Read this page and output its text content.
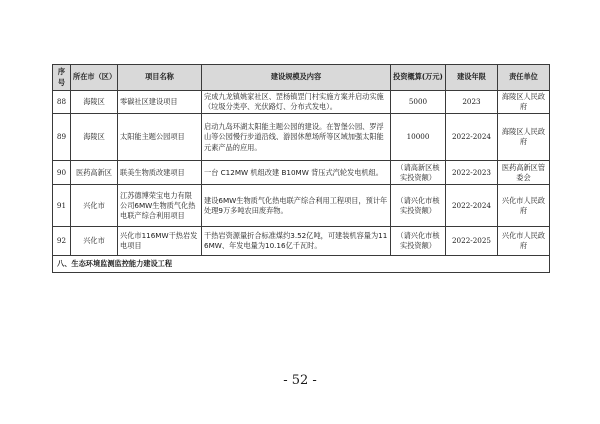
序号	所在市（区）	项目名称	建设规模及内容	投资概算(万元)	建设年限	责任单位
88	海陵区	零碳社区建设项目	完成九龙镇姚家社区、罡杨镇罡门村实施方案并启动实施（垃圾分类亭、光伏路灯、分布式发电）。	5000	2023	海陵区人民政府
89	海陵区	太阳能主题公园项目	启动九岛环湖太阳能主题公园的建设。在智堡公园、罗浮山等公园慢行步道沿线、游园休憩场所等区域加强太阳能元素产品的应用。	10000	2022-2024	海陵区人民政府
90	医药高新区	联美生物质改建项目	一台 C12MW 机组改建 B10MW 背压式汽轮发电机组。	（请高新区核实投资额）	2022-2023	医药高新区管委会
91	兴化市	江苏德博荣宝电力有限公司6MW生物质气化热电联产综合利用项目	建设6MW生物质气化热电联产综合利用工程项目，预计年处理9万多吨农田废弃物。	（请兴化市核实投资额）	2022-2024	兴化市人民政府
92	兴化市	兴化市116MW干热岩发电项目	干热岩资源量折合标准煤约3.52亿吨，可建装机容量为116MW、年发电量为10.16亿千瓦时。	（请兴化市核实投资额）	2022-2025	兴化市人民政府
八、生态环境监测监控能力建设工程						
- 52 -
